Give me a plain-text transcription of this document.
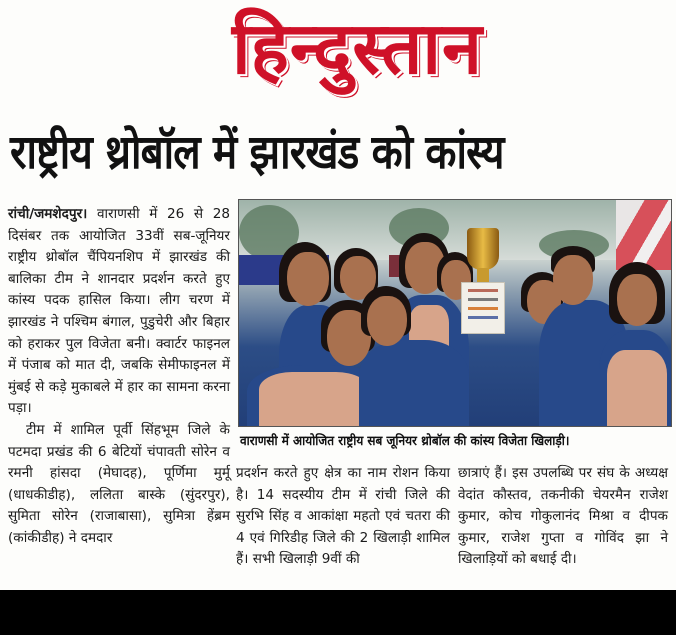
हिन्दुस्तान
राष्ट्रीय थ्रोबॉल में झारखंड को कांस्य

रांची/जमशेदपुर। वाराणसी में 26 से 28 दिसंबर तक आयोजित 33वीं सब-जूनियर राष्ट्रीय थ्रोबॉल चैंपियनशिप में झारखंड की बालिका टीम ने शानदार प्रदर्शन करते हुए कांस्य पदक हासिल किया। लीग चरण में झारखंड ने पश्चिम बंगाल, पुडुचेरी और बिहार को हराकर पुल विजेता बनी। क्वार्टर फाइनल में पंजाब को मात दी, जबकि सेमीफाइनल में मुंबई से कड़े मुकाबले में हार का सामना करना पड़ा।

टीम में शामिल पूर्वी सिंहभूम जिले के पटमदा प्रखंड की 6 बेटियों चंपावती सोरेन व रमनी हांसदा (मेघादह), पूर्णिमा मुर्मू (धाधकीडीह), ललिता बास्के (सुंदरपुर), सुमिता सोरेन (राजाबासा), सुमित्रा हेंब्रम (कांकीडीह) ने दमदार

वाराणसी में आयोजित राष्ट्रीय सब जूनियर थ्रोबॉल की कांस्य विजेता खिलाड़ी।
प्रदर्शन करते हुए क्षेत्र का नाम रोशन किया है। 14 सदस्यीय टीम में रांची जिले की सुरभि सिंह व आकांक्षा महतो एवं चतरा की 4 एवं गिरिडीह जिले की 2 खिलाड़ी शामिल हैं। सभी खिलाड़ी 9वीं की
छात्राएं हैं। इस उपलब्धि पर संघ के अध्यक्ष वेदांत कौस्तव, तकनीकी चेयरमैन राजेश कुमार, कोच गोकुलानंद मिश्रा व दीपक कुमार, राजेश गुप्ता व गोविंद झा ने खिलाड़ियों को बधाई दी।
